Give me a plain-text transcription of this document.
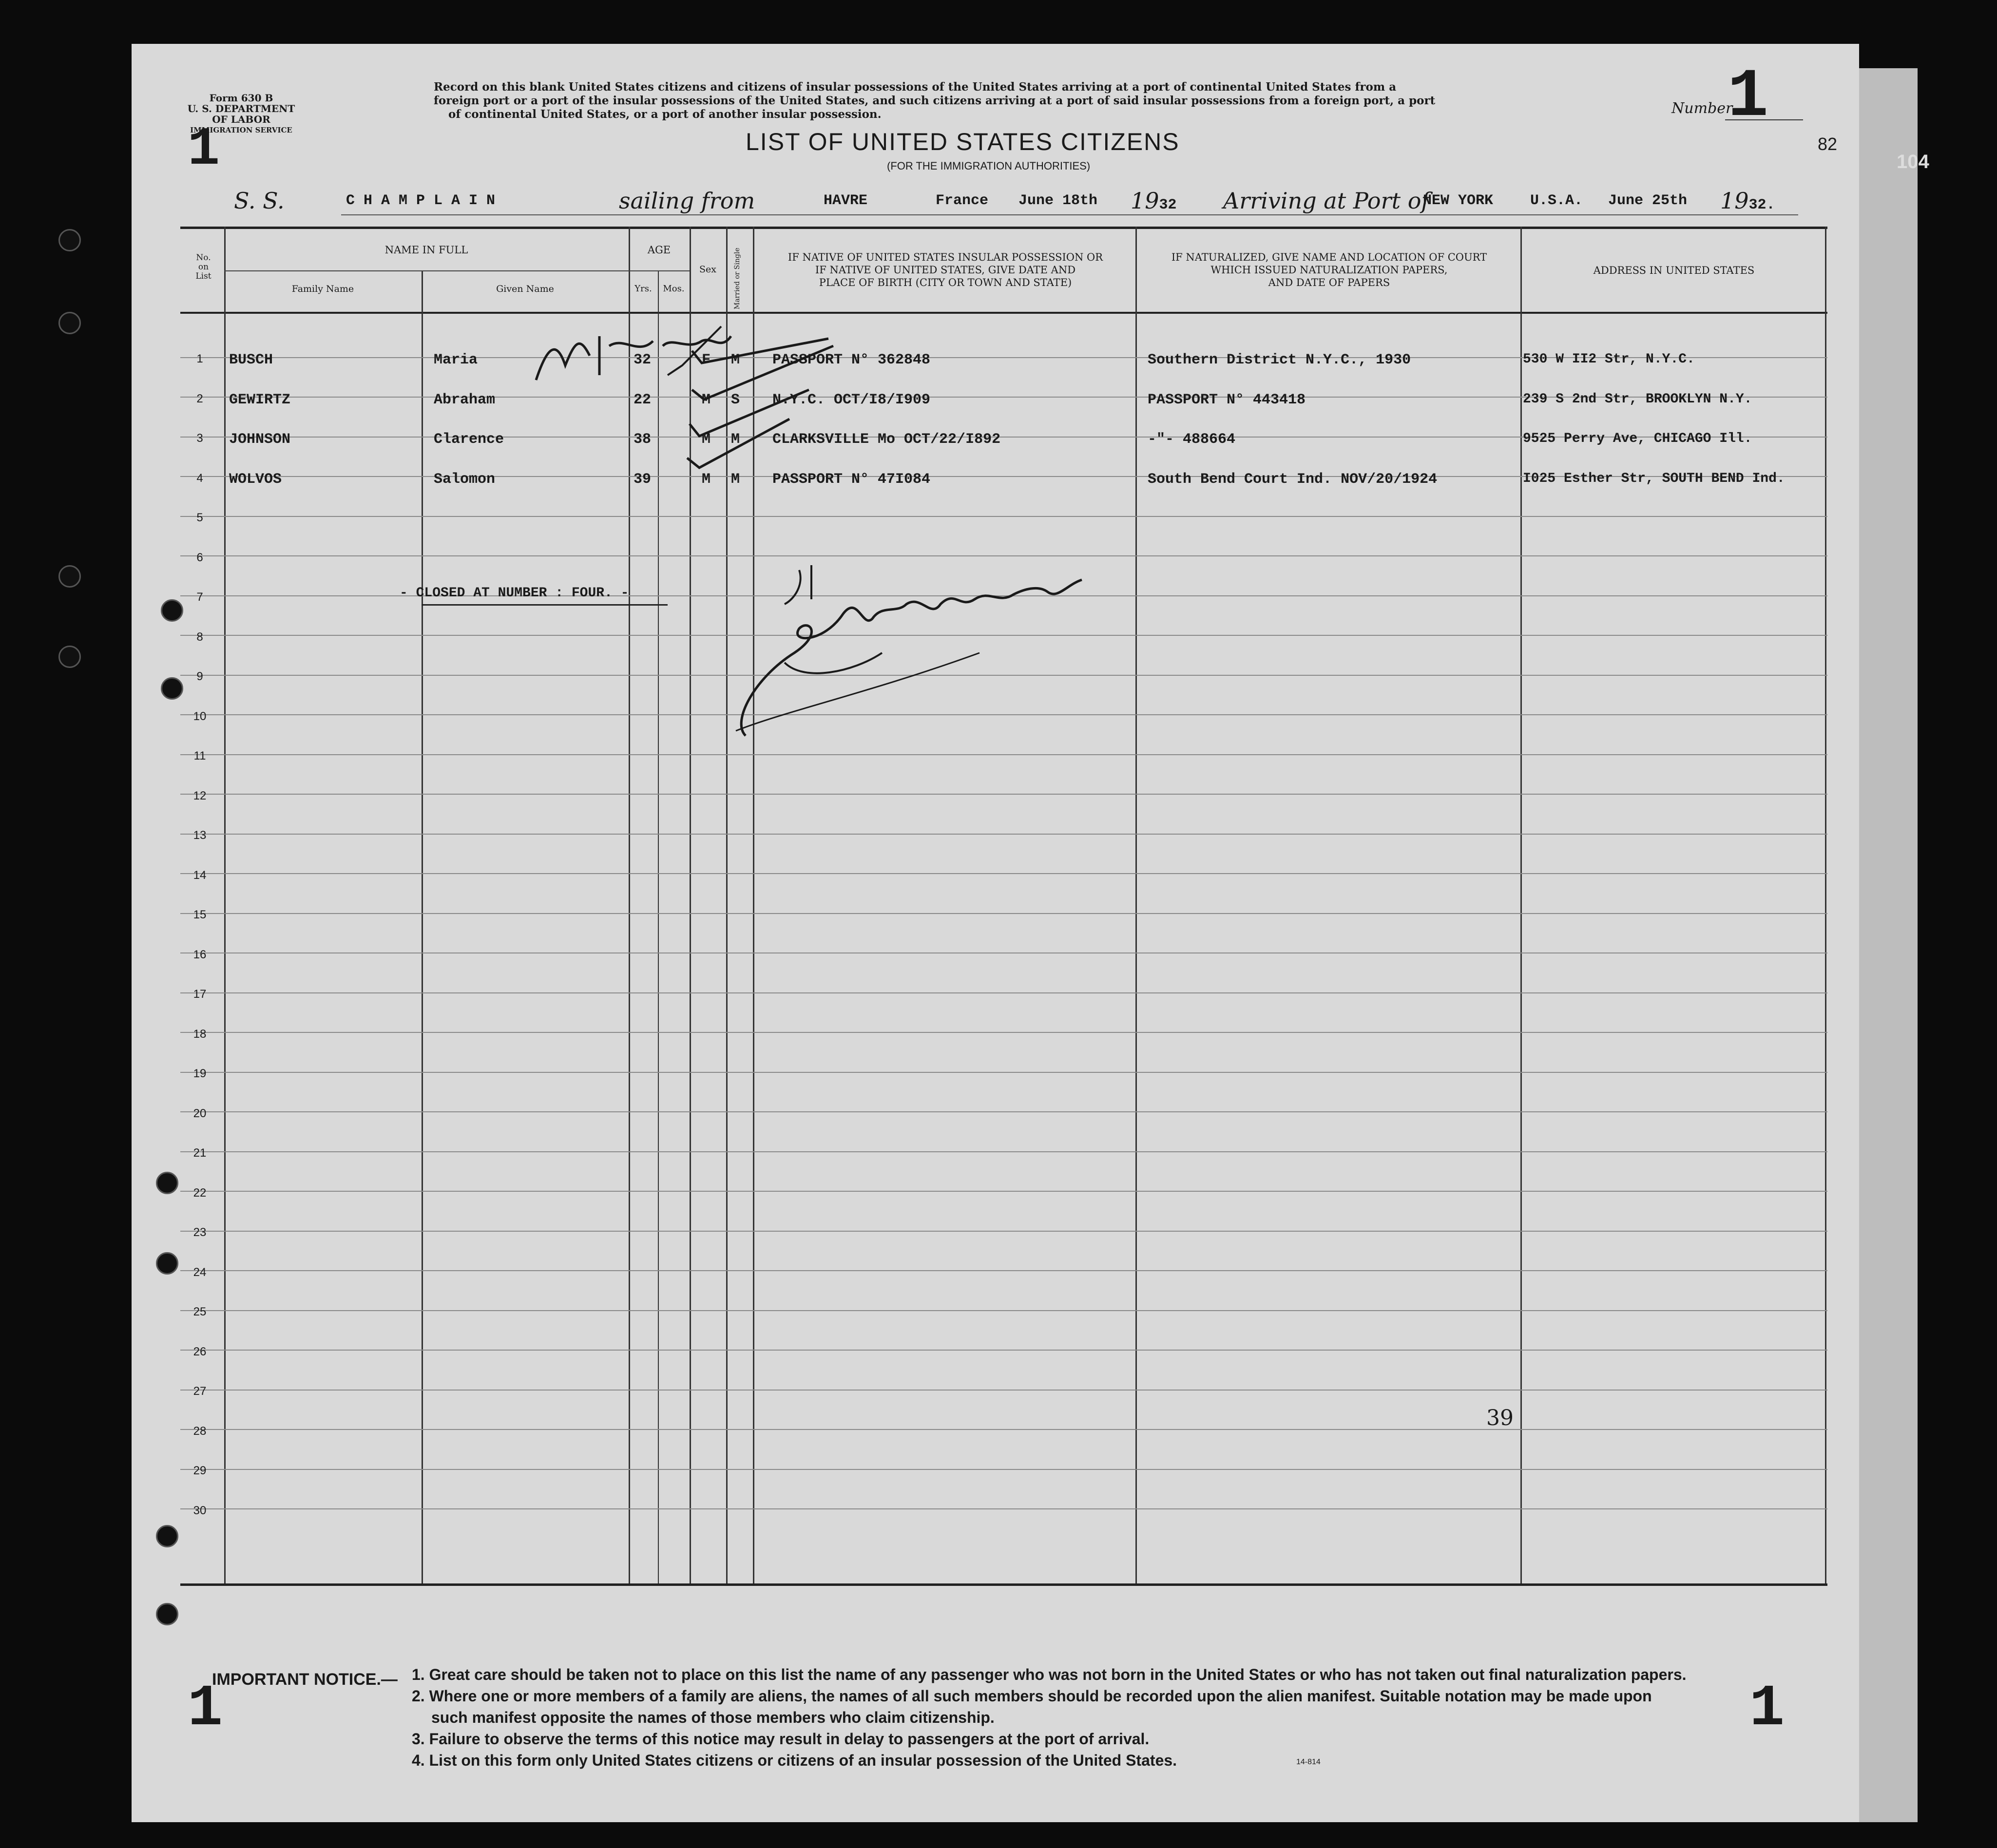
Form 630 B
U. S. DEPARTMENT OF LABOR
IMMIGRATION SERVICE
1
Record on this blank United States citizens and citizens of insular possessions of the United States arriving at a port of continental United States from a
foreign port or a port of the insular possessions of the United States, and such citizens arriving at a port of said insular possessions from a foreign port, a port
of continental United States, or a port of another insular possession.
LIST OF UNITED STATES CITIZENS
(FOR THE IMMIGRATION AUTHORITIES)
Number
1
82
104
S. S.	C H A M P L A I N	sailing from	HAVRE	France June 18th 1932 Arriving at Port of
NEW YORK	U.S.A. June 25th 1932.
No.
on
List
NAME IN FULL
Family Name	Given Name
AGE
Yrs.	Mos.
Sex	Married or Single	IF NATIVE OF UNITED STATES INSULAR POSSESSION OR
IF NATIVE OF UNITED STATES, GIVE DATE AND
PLACE OF BIRTH (CITY OR TOWN AND STATE)
IF NATURALIZED, GIVE NAME AND LOCATION OF COURT
WHICH ISSUED NATURALIZATION PAPERS,
AND DATE OF PAPERS
ADDRESS IN UNITED STATES
1
2
3
4
5
6
7
8
9
10
11
12
13
14
15
16
17
18
19
20
21
22
23
24
25
26
27
28
29
30
BUSCH	Maria	32	F M PASSPORT N° 362848	Southern District N.Y.C., 1930	530 W II2 Str, N.Y.C.
GEWIRTZ	Abraham	22	M S N.Y.C. OCT/I8/I909	PASSPORT N° 443418	239 S 2nd Str, BROOKLYN N.Y.
JOHNSON	Clarence	38	M M CLARKSVILLE Mo OCT/22/I892	-"- 488664	9525 Perry Ave, CHICAGO Ill.
WOLVOS	Salomon	39	M M PASSPORT N° 47I084	South Bend Court Ind. NOV/20/1924	I025 Esther Str, SOUTH BEND Ind.
- CLOSED AT NUMBER : FOUR. -
39
1	1
IMPORTANT NOTICE.— 1. Great care should be taken not to place on this list the name of any passenger who was not born in the United States or who has not taken out final naturalization papers.
2. Where one or more members of a family are aliens, the names of all such members should be recorded upon the alien manifest. Suitable notation may be made upon
such manifest opposite the names of those members who claim citizenship.
3. Failure to observe the terms of this notice may result in delay to passengers at the port of arrival.
4. List on this form only United States citizens or citizens of an insular possession of the United States.	14-814
